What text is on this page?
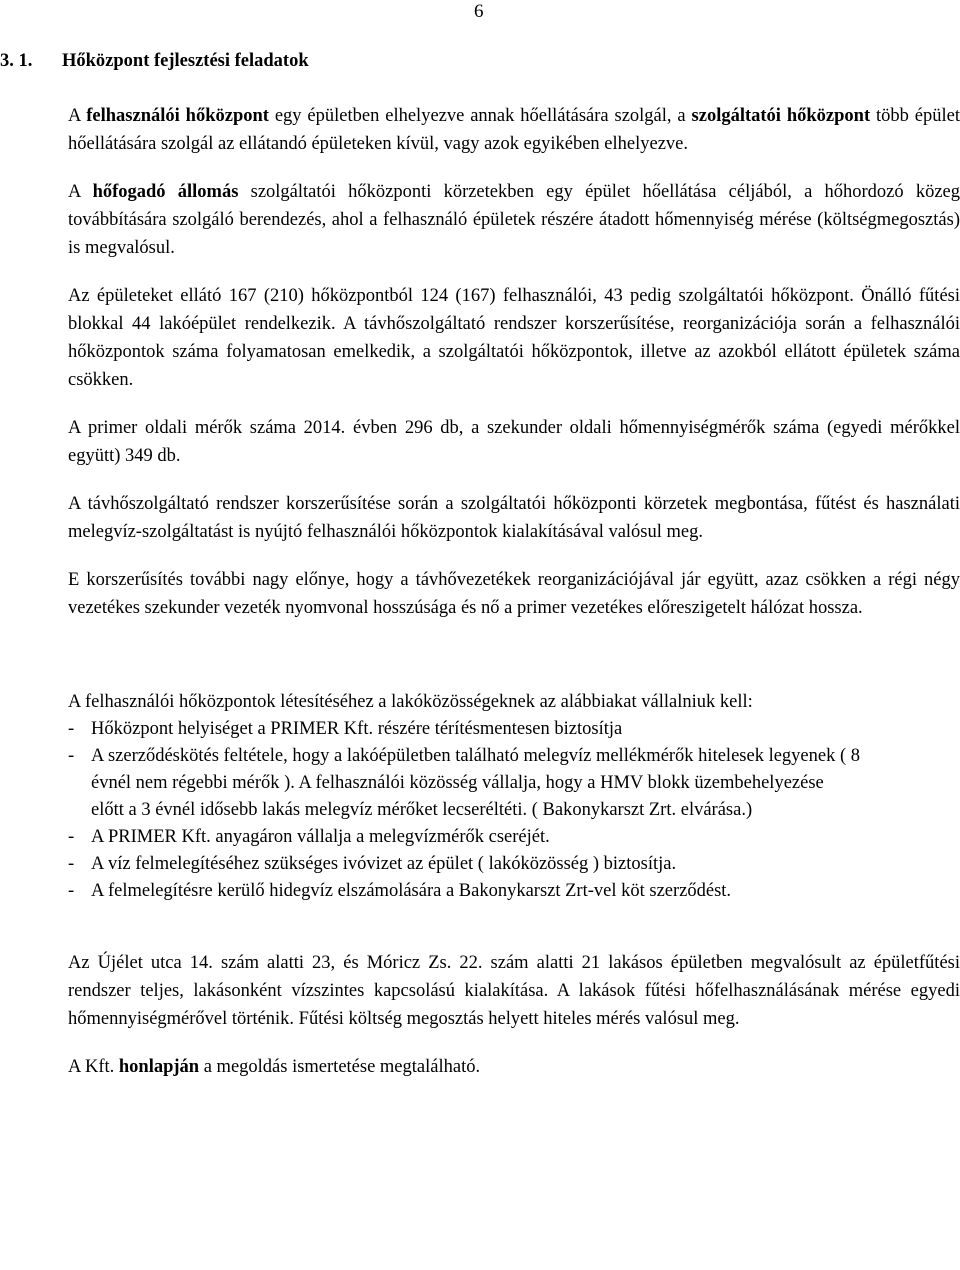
6
3. 1. Hőközpont fejlesztési feladatok

A felhasználói hőközpont egy épületben elhelyezve annak hőellátására szolgál, a szolgáltatói hőközpont több épület hőellátására szolgál az ellátandó épületeken kívül, vagy azok egyikében elhelyezve.

A hőfogadó állomás szolgáltatói hőközponti körzetekben egy épület hőellátása céljából, a hőhordozó közeg továbbítására szolgáló berendezés, ahol a felhasználó épületek részére átadott hőmennyiség mérése (költségmegosztás) is megvalósul.

Az épületeket ellátó 167 (210) hőközpontból 124 (167) felhasználói, 43 pedig szolgáltatói hőközpont. Önálló fűtési blokkal 44 lakóépület rendelkezik. A távhőszolgáltató rendszer korszerűsítése, reorganizációja során a felhasználói hőközpontok száma folyamatosan emelkedik, a szolgáltatói hőközpontok, illetve az azokból ellátott épületek száma csökken.

A primer oldali mérők száma 2014. évben 296 db, a szekunder oldali hőmennyiségmérők száma (egyedi mérőkkel együtt) 349 db.

A távhőszolgáltató rendszer korszerűsítése során a szolgáltatói hőközponti körzetek megbontása, fűtést és használati melegvíz-szolgáltatást is nyújtó felhasználói hőközpontok kialakításával valósul meg.

E korszerűsítés további nagy előnye, hogy a távhővezetékek reorganizációjával jár együtt, azaz csökken a régi négy vezetékes szekunder vezeték nyomvonal hosszúsága és nő a primer vezetékes előreszigetelt hálózat hossza.

A felhasználói hőközpontok létesítéséhez a lakóközösségeknek az alábbiakat vállalniuk kell:

- Hőközpont helyiséget a PRIMER Kft. részére térítésmentesen biztosítja
- A szerződéskötés feltétele, hogy a lakóépületben található melegvíz mellékmérők hitelesek legyenek ( 8 évnél nem régebbi mérők ). A felhasználói közösség vállalja, hogy a HMV blokk üzembehelyezése előtt a 3 évnél idősebb lakás melegvíz mérőket lecseréltéti. ( Bakonykarszt Zrt. elvárása.)
- A PRIMER Kft. anyagáron vállalja a melegvízmérők cseréjét.
- A víz felmelegítéséhez szükséges ivóvizet az épület ( lakóközösség ) biztosítja.
- A felmelegítésre kerülő hidegvíz elszámolására a Bakonykarszt Zrt-vel köt szerződést.

Az Újélet utca 14. szám alatti 23, és Móricz Zs. 22. szám alatti 21 lakásos épületben megvalósult az épületfűtési rendszer teljes, lakásonként vízszintes kapcsolású kialakítása. A lakások fűtési hőfelhasználásának mérése egyedi hőmennyiségmérővel történik. Fűtési költség megosztás helyett hiteles mérés valósul meg.

A Kft. honlapján a megoldás ismertetése megtalálható.
